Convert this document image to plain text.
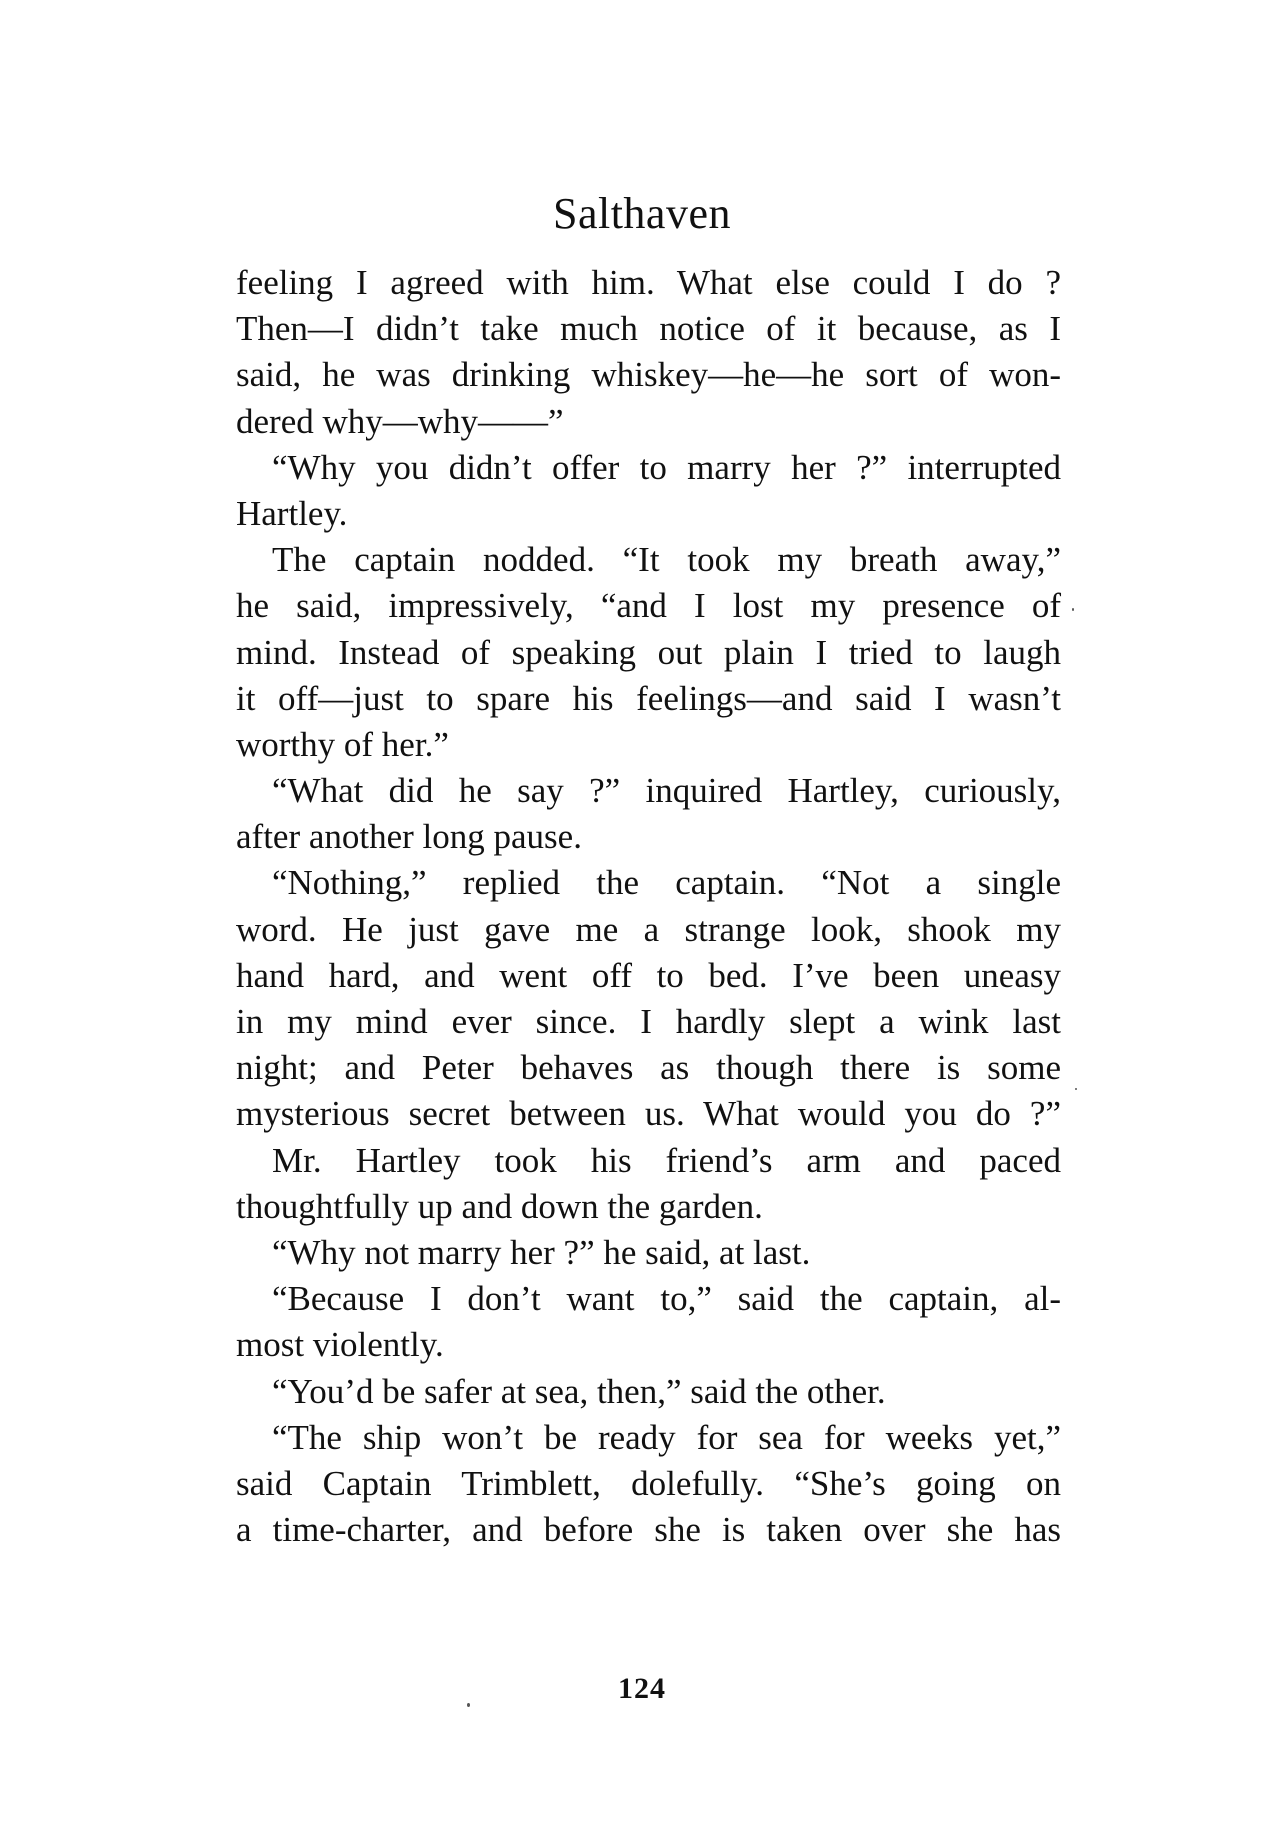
Salthaven
feeling I agreed with him. What else could I do ?
Then—I didn’t take much notice of it because, as I
said, he was drinking whiskey—he—he sort of won-
dered why—why——”
“Why you didn’t offer to marry her ?” interrupted
Hartley.
The captain nodded. “It took my breath away,”
he said, impressively, “and I lost my presence of
mind. Instead of speaking out plain I tried to laugh
it off—just to spare his feelings—and said I wasn’t
worthy of her.”
“What did he say ?” inquired Hartley, curiously,
after another long pause.
“Nothing,” replied the captain. “Not a single
word. He just gave me a strange look, shook my
hand hard, and went off to bed. I’ve been uneasy
in my mind ever since. I hardly slept a wink last
night; and Peter behaves as though there is some
mysterious secret between us. What would you do ?”
Mr. Hartley took his friend’s arm and paced
thoughtfully up and down the garden.
“Why not marry her ?” he said, at last.
“Because I don’t want to,” said the captain, al-
most violently.
“You’d be safer at sea, then,” said the other.
“The ship won’t be ready for sea for weeks yet,”
said Captain Trimblett, dolefully. “She’s going on
a time-charter, and before she is taken over she has
124
